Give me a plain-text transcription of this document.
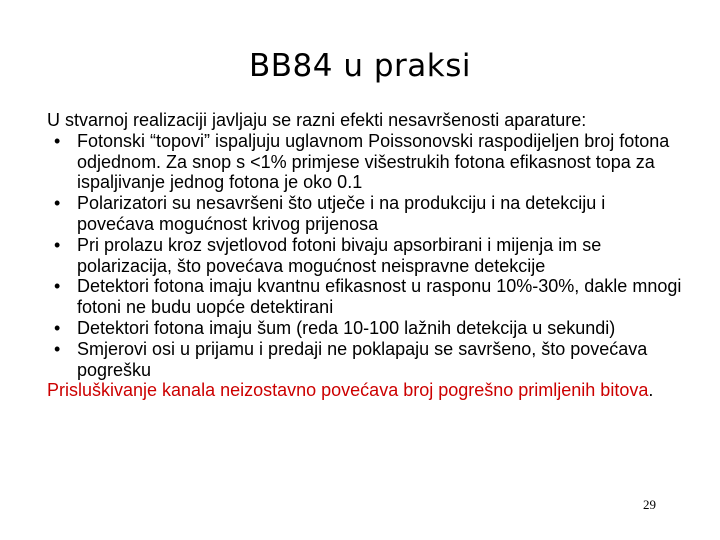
BB84 u praksi

U stvarnoj realizaciji javljaju se razni efekti nesavršenosti aparature:

• Fotonski “topovi” ispaljuju uglavnom Poissonovski raspodijeljen broj fotona odjednom. Za snop s <1% primjese višestrukih fotona efikasnost topa za ispaljivanje jednog fotona je oko 0.1
• Polarizatori su nesavršeni što utječe i na produkciju i na detekciju i povećava mogućnost krivog prijenosa
• Pri prolazu kroz svjetlovod fotoni bivaju apsorbirani i mijenja im se polarizacija, što povećava mogućnost neispravne detekcije
• Detektori fotona imaju kvantnu efikasnost u rasponu 10%-30%, dakle mnogi fotoni ne budu uopće detektirani
• Detektori fotona imaju šum (reda 10-100 lažnih detekcija u sekundi)
• Smjerovi osi u prijamu i predaji ne poklapaju se savršeno, što povećava pogrešku

Prisluškivanje kanala neizostavno povećava broj pogrešno primljenih bitova.

29
